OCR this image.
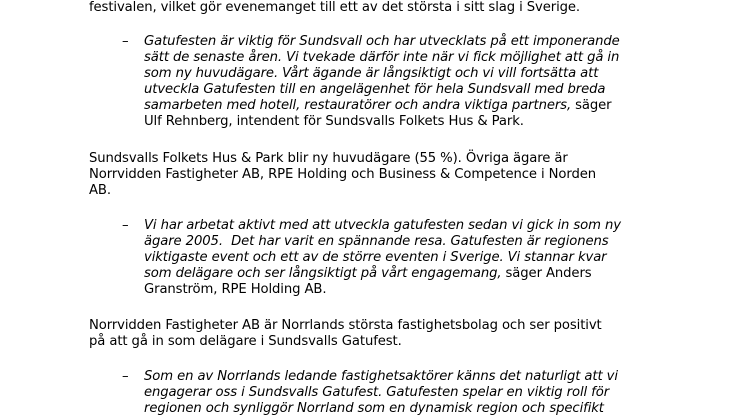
festivalen, vilket gör evenemanget till ett av det största i sitt slag i Sverige.
– Gatufesten är viktig för Sundsvall och har utvecklats på ett imponerande
sätt de senaste åren. Vi tvekade därför inte när vi fick möjlighet att gå in
som ny huvudägare. Vårt ägande är långsiktigt och vi vill fortsätta att
utveckla Gatufesten till en angelägenhet för hela Sundsvall med breda
samarbeten med hotell, restauratörer och andra viktiga partners, säger
Ulf Rehnberg, intendent för Sundsvalls Folkets Hus & Park.
Sundsvalls Folkets Hus & Park blir ny huvudägare (55 %). Övriga ägare är
Norrvidden Fastigheter AB, RPE Holding och Business & Competence i Norden
AB.
– Vi har arbetat aktivt med att utveckla gatufesten sedan vi gick in som ny
ägare 2005.  Det har varit en spännande resa. Gatufesten är regionens
viktigaste event och ett av de större eventen i Sverige. Vi stannar kvar
som delägare och ser långsiktigt på vårt engagemang, säger Anders
Granström, RPE Holding AB.
Norrvidden Fastigheter AB är Norrlands största fastighetsbolag och ser positivt
på att gå in som delägare i Sundsvalls Gatufest.
– Som en av Norrlands ledande fastighetsaktörer känns det naturligt att vi
engagerar oss i Sundsvalls Gatufest. Gatufesten spelar en viktig roll för
regionen och synliggör Norrland som en dynamisk region och specifikt
